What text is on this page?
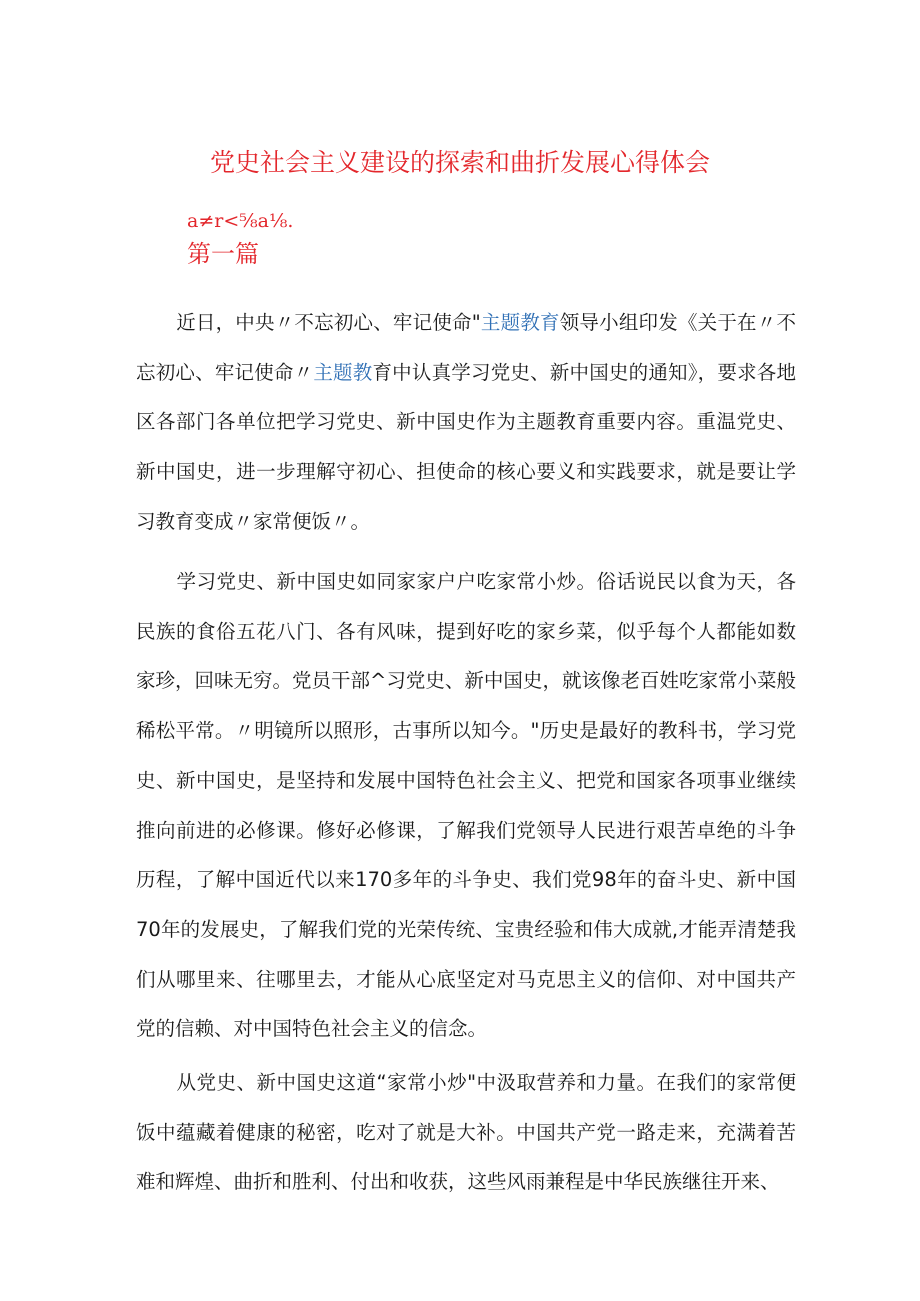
党史社会主义建设的探索和曲折发展心得体会

a≠r<⅝a⅛.

第一篇

近日，中央〃不忘初心、牢记使命"主题教育领导小组印发《关于在〃不忘初心、牢记使命〃主题教育中认真学习党史、新中国史的通知》，要求各地区各部门各单位把学习党史、新中国史作为主题教育重要内容。重温党史、新中国史，进一步理解守初心、担使命的核心要义和实践要求，就是要让学习教育变成〃家常便饭〃。

学习党史、新中国史如同家家户户吃家常小炒。俗话说民以食为天，各民族的食俗五花八门、各有风味，提到好吃的家乡菜，似乎每个人都能如数家珍，回味无穷。党员干部^习党史、新中国史，就该像老百姓吃家常小菜般稀松平常。〃明镜所以照形，古事所以知今。"历史是最好的教科书，学习党史、新中国史，是坚持和发展中国特色社会主义、把党和国家各项事业继续推向前进的必修课。修好必修课，了解我们党领导人民进行艰苦卓绝的斗争历程，了解中国近代以来170多年的斗争史、我们党98年的奋斗史、新中国70年的发展史，了解我们党的光荣传统、宝贵经验和伟大成就,才能弄清楚我们从哪里来、往哪里去，才能从心底坚定对马克思主义的信仰、对中国共产党的信赖、对中国特色社会主义的信念。

从党史、新中国史这道“家常小炒"中汲取营养和力量。在我们的家常便饭中蕴藏着健康的秘密，吃对了就是大补。中国共产党一路走来，充满着苦难和辉煌、曲折和胜利、付出和收获，这些风雨兼程是中华民族继往开来、
